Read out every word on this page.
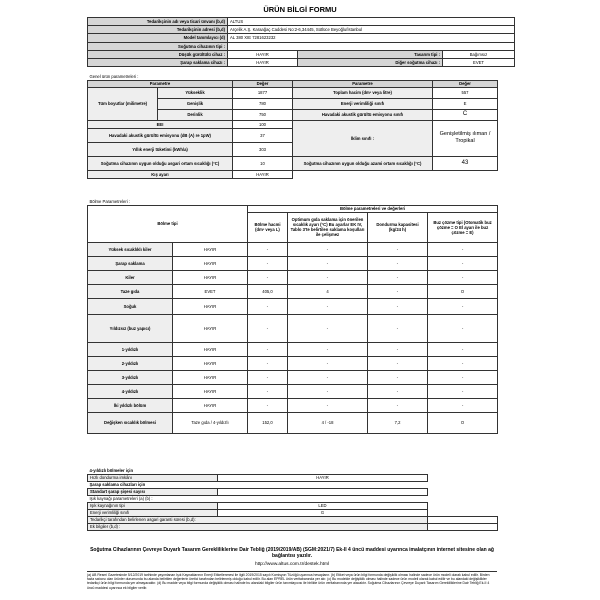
ÜRÜN BİLGİ FORMU
Tedarikçinin adı veya ticari ünvanı (b,d)	ALTUS		
Tedarikçinin adresi (b,d)	Arçelik A.Ş. Karaağaç Caddesi No:2-6,34445, Sütlüce Beyoğlu/İstanbul		
Model tanımlayıcı (d)	AL 380 XIE 7281623232		
Soğutma cihazının tipi :			
Düşük gürültülü cihaz :	HAYIR	Tasarım tipi :	Bağımsız
Şarap saklama cihazı :	HAYIR	Diğer soğutma cihazı :	EVET
Genel ürün parametreleri :				
Parametre		Değer	Parametre	Değer
Tüm boyutlar (milimetre)	Yükseklik	1877	Toplam hacim (dm³ veya litre)	557
	Genişlik	780	Enerji verimliliği sınıfı	E
	Derinlik	750	Havadaki akustik gürültü emisyonu sınıfı	C
EEI		100	İklim sınıfı :	Genişletilmiş ılıman / Tropikal
Havadaki akustik gürültü emisyonu (dB (A) re 1pW)		37		
Yıllık enerji tüketimi (kWh/a)		303		
Soğutma cihazının uygun olduğu asgari ortam sıcaklığı (°C)		10	Soğutma cihazının uygun olduğu azami ortam sıcaklığı (°C)	43
Kış ayarı		HAYIR		
Bölme Parametreleri :					
Bölme tipi		Bölme parametreleri ve değerleri			
		Bölme hacmi (dm³ veya L)	Optimum gıda saklama için önerilen sıcaklık ayarı (°C) Bu ayarlar EK IV, Tablo 3'te belirtilen saklama koşulları ile çelişmez	Dondurma kapasitesi (kg/24 h)	Buz çözme tipi (Otomatik buz çözme = O El ayarı ile buz çözme = E)
Yüksek sıcaklıklı kiler	HAYIR	-	-	-	-
Şarap saklama	HAYIR	-	-	-	-
Kiler	HAYIR	-	-	-	-
Taze gıda	EVET	405,0	4	-	O
Soğuk	HAYIR	-	-	-	-
Yıldızsız (buz yapıcı)	HAYIR	-	-	-	-
1-yıldızlı	HAYIR	-	-	-	-
2-yıldızlı	HAYIR	-	-	-	-
3-yıldızlı	HAYIR	-	-	-	-
4-yıldızlı	HAYIR	-	-	-	-
İki yıldızlı bölüm	HAYIR	-	-	-	-
Değişken sıcaklık bölmesi	Taze gıda / 4-yıldızlı	152,0	4 / -18	7,2	O
4-yıldızlı bölmeler için		
Hızlı dondurma imkânı	HAYIR	
Şarap saklama cihazları için		
Standart şarap şişesi sayısı		
Işık kaynağı parametreleri (a) (b) :		
Işık kaynağının tipi	LED	
Enerji verimliliği sınıfı	G	
Tedarikçi tarafından belirlenen asgari garanti süresi (b,d):		
Ek bilgiler (b,d) :		
Soğutma Cihazlarının Çevreye Duyarlı Tasarım Gerekliliklerine Dair Tebliğ (2019/2019/AB) (SGM:2021/7) Ek-II 4 üncü maddesi uyarınca imalatçının internet sitesine olan ağ bağlantısı yazılır.
http://www.altus.com.tr/destek.html
(a) AB Resmi Gazetesinde 5/12/2019 tarihinde yayımlanan Işık Kaynaklarının Enerji Etiketlenmesi ile ilgili 2019/2015 sayılı Komisyon Tüzüğü uyarınca hesaplanır. (b) Etiket veya ürün bilgi formunda değişiklik olması halinde sadece ürün modeli olarak kabul edilir. Birden fazla satıcısı olan ürünler durumunda bu alanda belirtilen değerlerin üretici tarafından belirlenmiş olduğu kabul edilir. Bu alan EPREL ürün veritabanında yer alır. (c) Bu modelde değişiklik olması halinde sadece ürün modeli olarak kabul edilir ve bu alandaki değişiklikler tedarikçi ürün bilgi formunda yer almayacaktır. (d) Bu madde veya bilgi formunda değişiklik olması halinde bu alandaki bilgiler ürün tanımlayıcısı ile birlikte ürün veritabanında yer alacaktır. Soğutma Cihazlarının Çevreye Duyarlı Tasarım Gerekliliklerine Dair Tebliğ Ek-II 4 üncü maddesi uyarınca ek bilgiler verilir.
